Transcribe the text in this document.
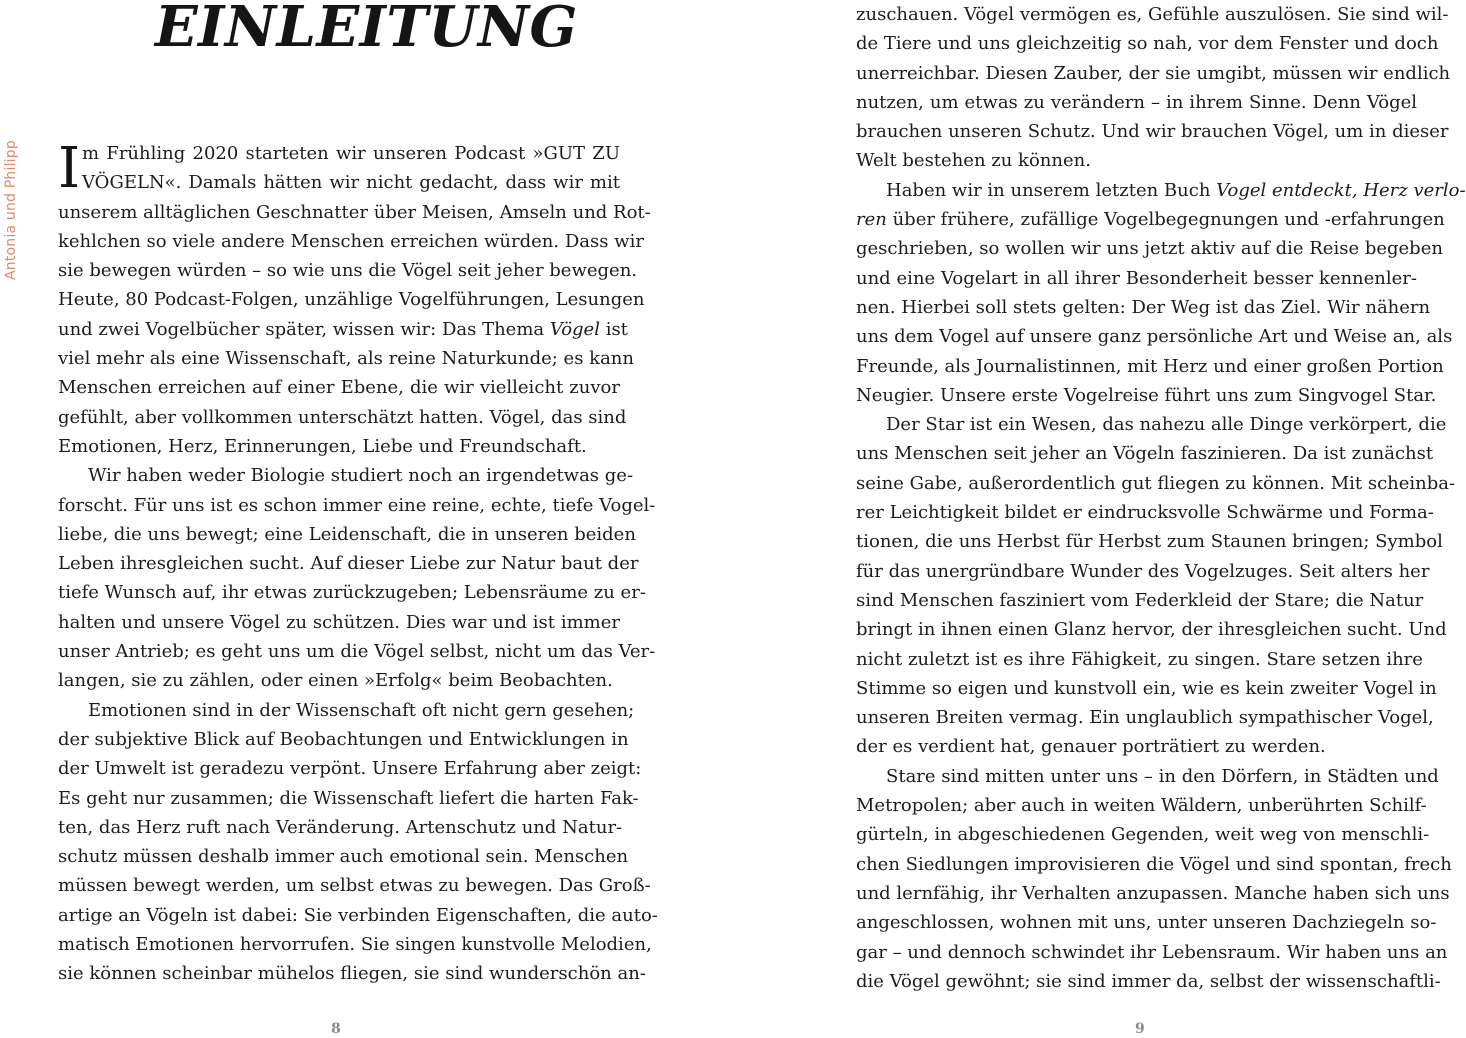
Antonia und Philipp
EINLEITUNG
I m Frühling 2020 starteten wir unseren Podcast »GUT ZU
VÖGELN«. Damals hätten wir nicht gedacht, dass wir mit
unserem alltäglichen Geschnatter über Meisen, Amseln und Rot-
kehlchen so viele andere Menschen erreichen würden. Dass wir
sie bewegen würden – so wie uns die Vögel seit jeher bewegen.
Heute, 80 Podcast-Folgen, unzählige Vogelführungen, Lesungen
und zwei Vogelbücher später, wissen wir: Das Thema Vögel ist
viel mehr als eine Wissenschaft, als reine Naturkunde; es kann
Menschen erreichen auf einer Ebene, die wir vielleicht zuvor
gefühlt, aber vollkommen unterschätzt hatten. Vögel, das sind
Emotionen, Herz, Erinnerungen, Liebe und Freundschaft.
Wir haben weder Biologie studiert noch an irgendetwas ge-
forscht. Für uns ist es schon immer eine reine, echte, tiefe Vogel-
liebe, die uns bewegt; eine Leidenschaft, die in unseren beiden
Leben ihresgleichen sucht. Auf dieser Liebe zur Natur baut der
tiefe Wunsch auf, ihr etwas zurückzugeben; Lebensräume zu er-
halten und unsere Vögel zu schützen. Dies war und ist immer
unser Antrieb; es geht uns um die Vögel selbst, nicht um das Ver-
langen, sie zu zählen, oder einen »Erfolg« beim Beobachten.
Emotionen sind in der Wissenschaft oft nicht gern gesehen;
der subjektive Blick auf Beobachtungen und Entwicklungen in
der Umwelt ist geradezu verpönt. Unsere Erfahrung aber zeigt:
Es geht nur zusammen; die Wissenschaft liefert die harten Fak-
ten, das Herz ruft nach Veränderung. Artenschutz und Natur-
schutz müssen deshalb immer auch emotional sein. Menschen
müssen bewegt werden, um selbst etwas zu bewegen. Das Groß-
artige an Vögeln ist dabei: Sie verbinden Eigenschaften, die auto-
matisch Emotionen hervorrufen. Sie singen kunstvolle Melodien,
sie können scheinbar mühelos fliegen, sie sind wunderschön an-
8
zuschauen. Vögel vermögen es, Gefühle auszulösen. Sie sind wil-
de Tiere und uns gleichzeitig so nah, vor dem Fenster und doch
unerreichbar. Diesen Zauber, der sie umgibt, müssen wir endlich
nutzen, um etwas zu verändern – in ihrem Sinne. Denn Vögel
brauchen unseren Schutz. Und wir brauchen Vögel, um in dieser
Welt bestehen zu können.
Haben wir in unserem letzten Buch Vogel entdeckt, Herz verlo-
ren über frühere, zufällige Vogelbegegnungen und -erfahrungen
geschrieben, so wollen wir uns jetzt aktiv auf die Reise begeben
und eine Vogelart in all ihrer Besonderheit besser kennenler-
nen. Hierbei soll stets gelten: Der Weg ist das Ziel. Wir nähern
uns dem Vogel auf unsere ganz persönliche Art und Weise an, als
Freunde, als Journalistinnen, mit Herz und einer großen Portion
Neugier. Unsere erste Vogelreise führt uns zum Singvogel Star.
Der Star ist ein Wesen, das nahezu alle Dinge verkörpert, die
uns Menschen seit jeher an Vögeln faszinieren. Da ist zunächst
seine Gabe, außerordentlich gut fliegen zu können. Mit scheinba-
rer Leichtigkeit bildet er eindrucksvolle Schwärme und Forma-
tionen, die uns Herbst für Herbst zum Staunen bringen; Symbol
für das unergründbare Wunder des Vogelzuges. Seit alters her
sind Menschen fasziniert vom Federkleid der Stare; die Natur
bringt in ihnen einen Glanz hervor, der ihresgleichen sucht. Und
nicht zuletzt ist es ihre Fähigkeit, zu singen. Stare setzen ihre
Stimme so eigen und kunstvoll ein, wie es kein zweiter Vogel in
unseren Breiten vermag. Ein unglaublich sympathischer Vogel,
der es verdient hat, genauer porträtiert zu werden.
Stare sind mitten unter uns – in den Dörfern, in Städten und
Metropolen; aber auch in weiten Wäldern, unberührten Schilf-
gürteln, in abgeschiedenen Gegenden, weit weg von menschli-
chen Siedlungen improvisieren die Vögel und sind spontan, frech
und lernfähig, ihr Verhalten anzupassen. Manche haben sich uns
angeschlossen, wohnen mit uns, unter unseren Dachziegeln so-
gar – und dennoch schwindet ihr Lebensraum. Wir haben uns an
die Vögel gewöhnt; sie sind immer da, selbst der wissenschaftli-
9
